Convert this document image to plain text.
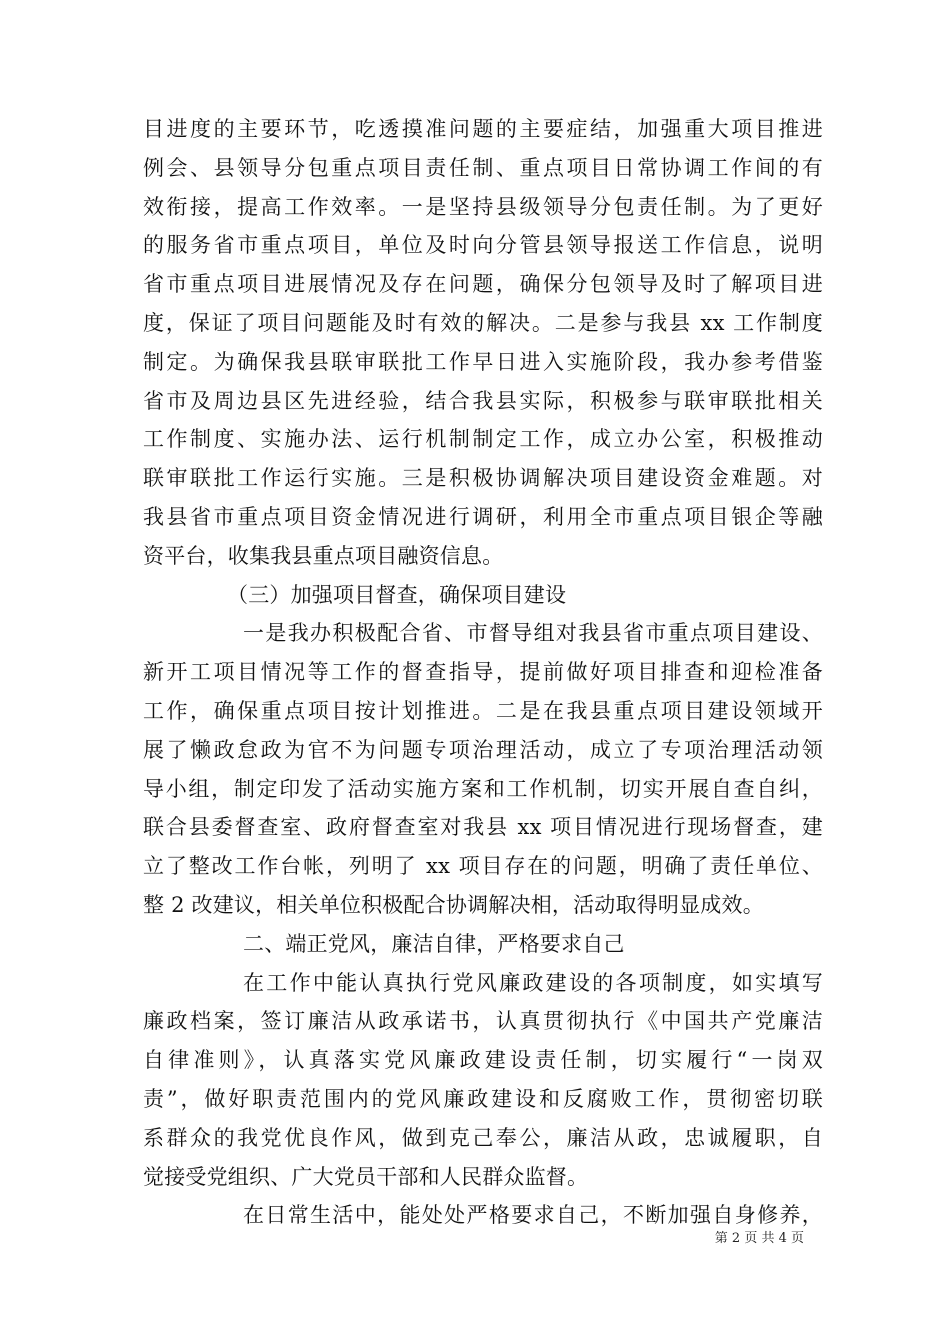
目进度的主要环节，吃透摸准问题的主要症结，加强重大项目推进
例会、县领导分包重点项目责任制、重点项目日常协调工作间的有
效衔接，提高工作效率。一是坚持县级领导分包责任制。为了更好
的服务省市重点项目，单位及时向分管县领导报送工作信息，说明
省市重点项目进展情况及存在问题，确保分包领导及时了解项目进
度，保证了项目问题能及时有效的解决。二是参与我县 xx 工作制度
制定。为确保我县联审联批工作早日进入实施阶段，我办参考借鉴
省市及周边县区先进经验，结合我县实际，积极参与联审联批相关
工作制度、实施办法、运行机制制定工作，成立办公室，积极推动
联审联批工作运行实施。三是积极协调解决项目建设资金难题。对
我县省市重点项目资金情况进行调研，利用全市重点项目银企等融
资平台，收集我县重点项目融资信息。
（三）加强项目督查，确保项目建设
一是我办积极配合省、市督导组对我县省市重点项目建设、
新开工项目情况等工作的督查指导，提前做好项目排查和迎检准备
工作，确保重点项目按计划推进。二是在我县重点项目建设领域开
展了懒政怠政为官不为问题专项治理活动，成立了专项治理活动领
导小组，制定印发了活动实施方案和工作机制，切实开展自查自纠，
联合县委督查室、政府督查室对我县 xx 项目情况进行现场督查，建
立了整改工作台帐，列明了 xx 项目存在的问题，明确了责任单位、
整 2 改建议，相关单位积极配合协调解决相，活动取得明显成效。
二、端正党风，廉洁自律，严格要求自己
在工作中能认真执行党风廉政建设的各项制度，如实填写
廉政档案，签订廉洁从政承诺书，认真贯彻执行《中国共产党廉洁
自律准则》，认真落实党风廉政建设责任制，切实履行“一岗双
责”，做好职责范围内的党风廉政建设和反腐败工作，贯彻密切联
系群众的我党优良作风，做到克己奉公，廉洁从政，忠诚履职，自
觉接受党组织、广大党员干部和人民群众监督。
在日常生活中，能处处严格要求自己，不断加强自身修养，
第 2 页 共 4 页
